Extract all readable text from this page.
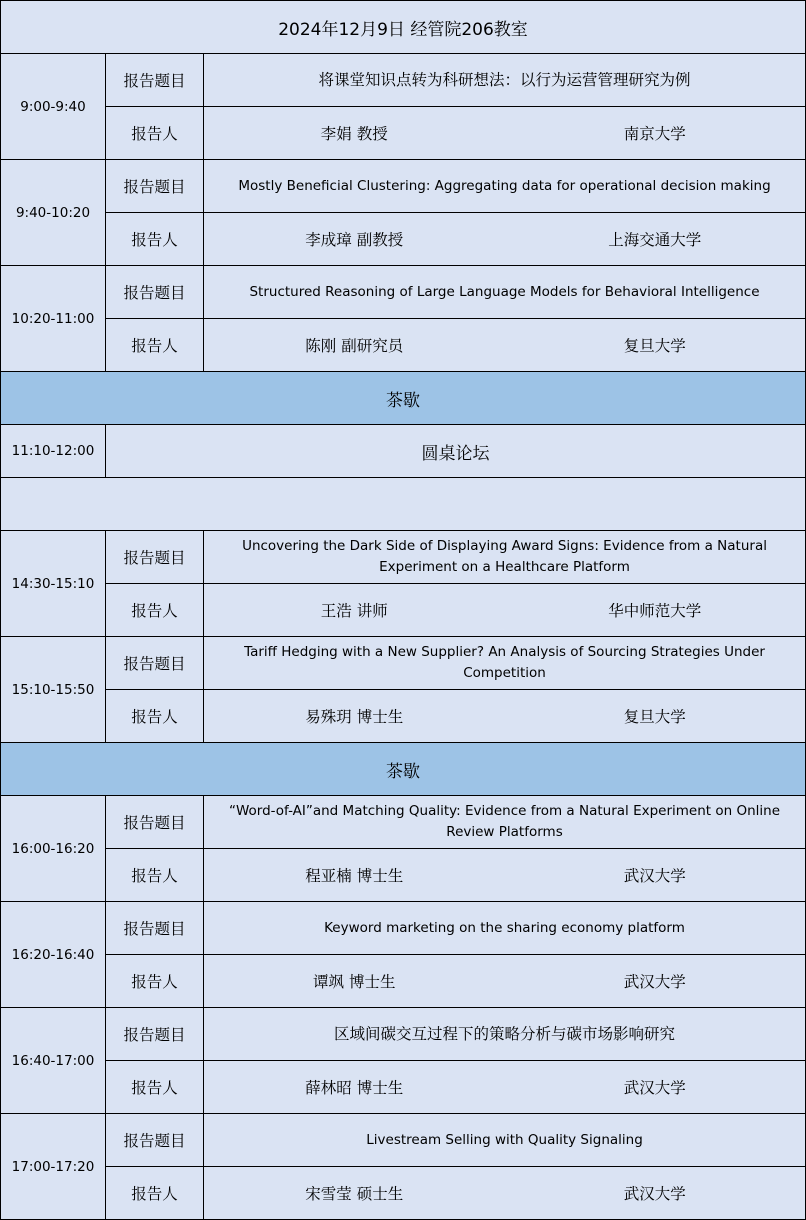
2024年12月9日 经管院206教室		
9:00-9:40	报告题目	将课堂知识点转为科研想法：以行为运营管理研究为例
	报告人	李娟 教授 南京大学

9:40-10:20	报告题目	Mostly Beneficial Clustering: Aggregating data for operational decision making
	报告人	李成璋 副教授 上海交通大学

10:20-11:00	报告题目	Structured Reasoning of Large Language Models for Behavioral Intelligence
	报告人	陈刚 副研究员 复旦大学

茶歇		
11:10-12:00	圆桌论坛	

14:30-15:10	报告题目	Uncovering the Dark Side of Displaying Award Signs: Evidence from a Natural Experiment on a Healthcare Platform
	报告人	王浩 讲师 华中师范大学

15:10-15:50	报告题目	Tariff Hedging with a New Supplier? An Analysis of Sourcing Strategies Under Competition
	报告人	易殊玥 博士生 复旦大学

茶歇		
16:00-16:20	报告题目	“Word-of-AI”and Matching Quality: Evidence from a Natural Experiment on Online Review Platforms
	报告人	程亚楠 博士生 武汉大学

16:20-16:40	报告题目	Keyword marketing on the sharing economy platform
	报告人	谭飒 博士生 武汉大学

16:40-17:00	报告题目	区域间碳交互过程下的策略分析与碳市场影响研究
	报告人	薛林昭 博士生 武汉大学

17:00-17:20	报告题目	Livestream Selling with Quality Signaling
	报告人	宋雪莹 硕士生 武汉大学
